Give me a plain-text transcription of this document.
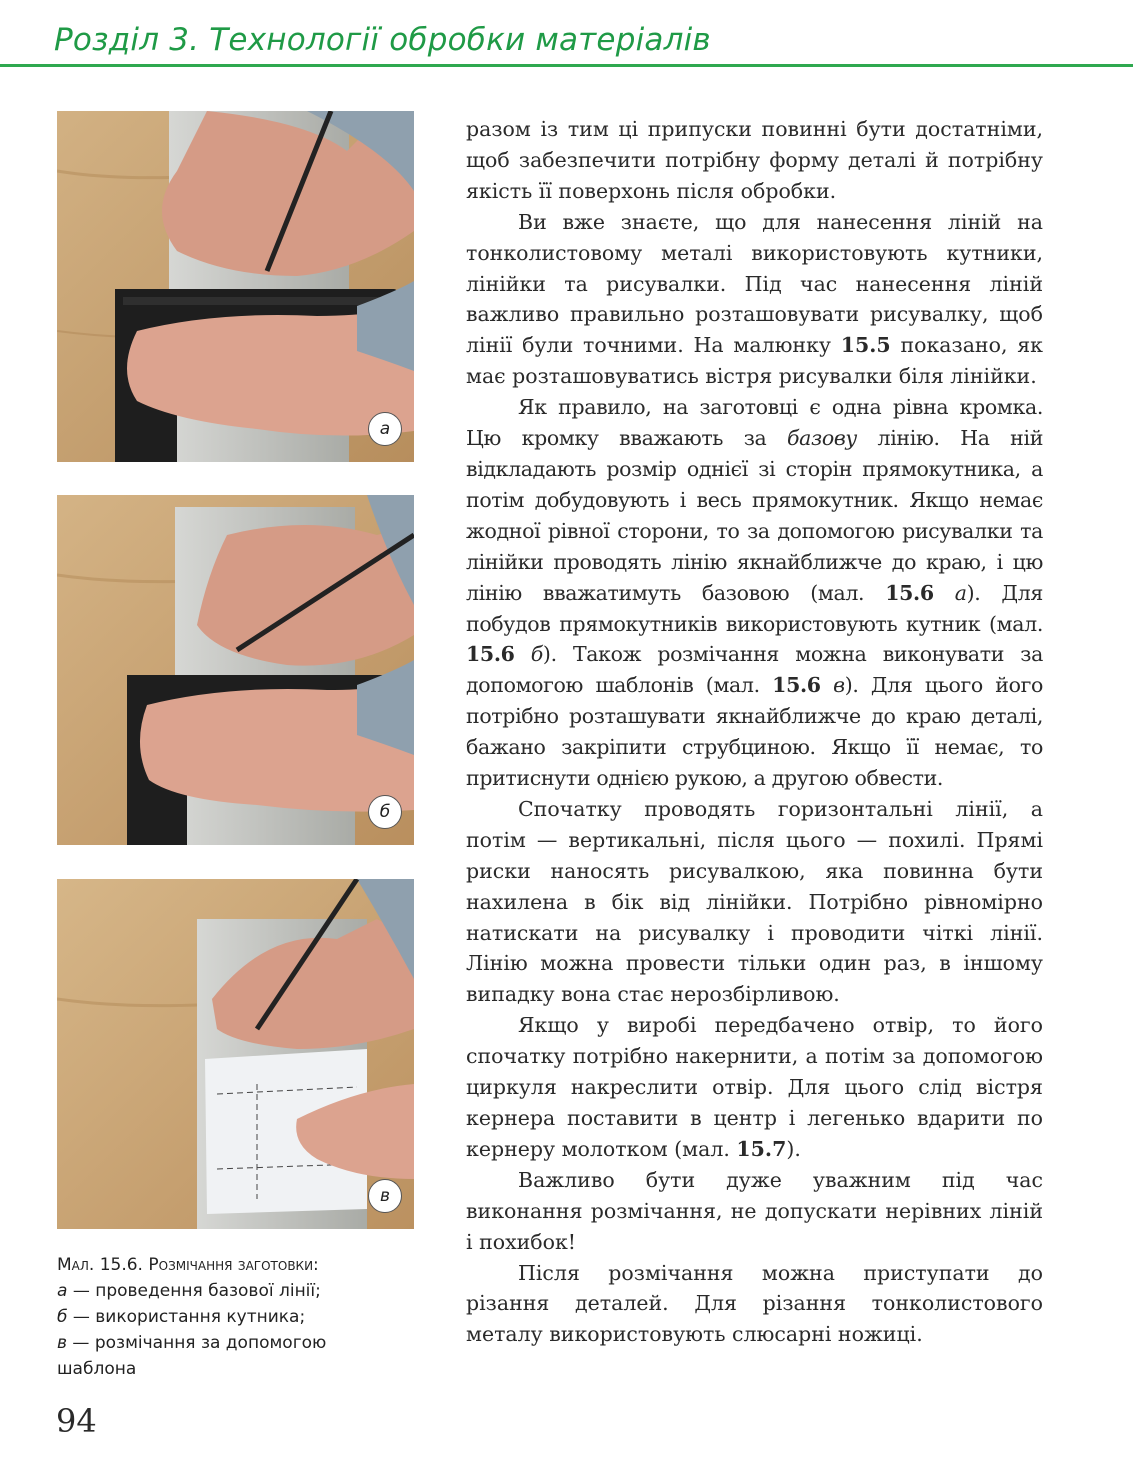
Розділ 3. Технології обробки матеріалів
а
б
в
Мал. 15.6. Розмічання заготовки:
а — проведення базової лінії;
б — використання кутника;
в — розмічання за допомогою
шаблона

разом із тим ці припуски повинні бути достатніми, щоб забезпечити потрібну форму деталі й потрібну якість її поверхонь після обробки.

Ви вже знаєте, що для нанесення ліній на тонколистовому металі використовують кутники, лінійки та рисувалки. Під час нанесення ліній важливо правильно розташовувати рисувалку, щоб лінії були точними. На малюнку 15.5 показано, як має розташовуватись вістря рисувалки біля лінійки.

Як правило, на заготовці є одна рівна кромка. Цю кромку вважають за базову лінію. На ній відкладають розмір однієї зі сторін прямокутника, а потім добудовують і весь прямокутник. Якщо немає жодної рівної сторони, то за допомогою рисувалки та лінійки проводять лінію якнайближче до краю, і цю лінію вважатимуть базовою (мал. 15.6 а). Для побудов прямокутників використовують кутник (мал. 15.6 б). Також розмічання можна виконувати за допомогою шаблонів (мал. 15.6 в). Для цього його потрібно розташувати якнайближче до краю деталі, бажано закріпити струбциною. Якщо її немає, то притиснути однією рукою, а другою обвести.

Спочатку проводять горизонтальні лінії, а потім — вертикальні, після цього — похилі. Прямі риски наносять рисувалкою, яка повинна бути нахилена в бік від лінійки. Потрібно рівномірно натискати на рисувалку і проводити чіткі лінії. Лінію можна провести тільки один раз, в іншому випадку вона стає нерозбірливою.

Якщо у виробі передбачено отвір, то його спочатку потрібно накернити, а потім за допомогою циркуля накреслити отвір. Для цього слід вістря кернера поставити в центр і легенько вдарити по кернеру молотком (мал. 15.7).

Важливо бути дуже уважним під час виконання розмічання, не допускати нерівних ліній і похибок!

Після розмічання можна приступати до різання деталей. Для різання тонколистового металу використовують слюсарні ножиці.

94
